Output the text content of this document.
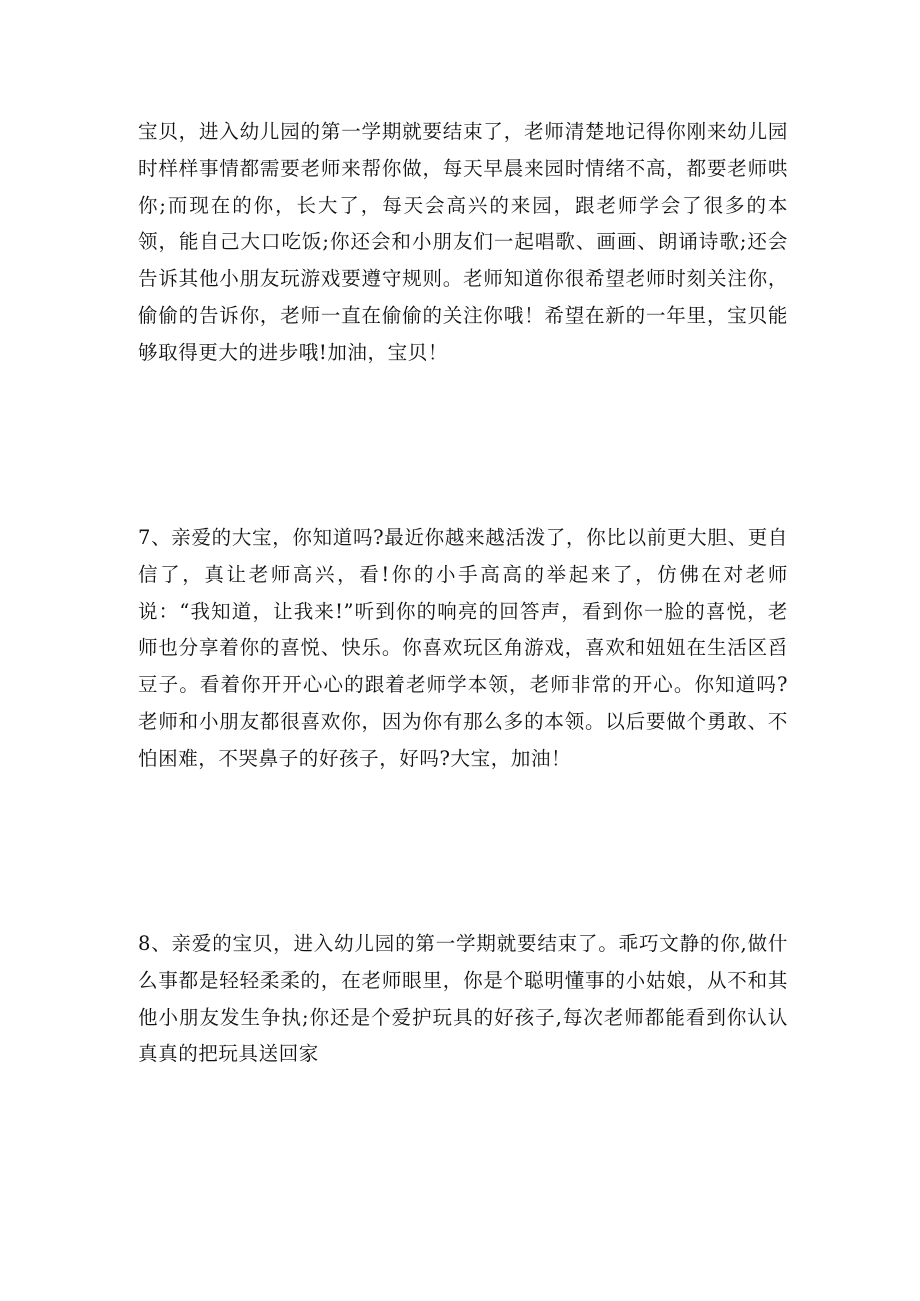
宝贝，进入幼儿园的第一学期就要结束了，老师清楚地记得你刚来幼儿园时样样事情都需要老师来帮你做，每天早晨来园时情绪不高，都要老师哄你;而现在的你，长大了，每天会高兴的来园，跟老师学会了很多的本领，能自己大口吃饭;你还会和小朋友们一起唱歌、画画、朗诵诗歌;还会告诉其他小朋友玩游戏要遵守规则。老师知道你很希望老师时刻关注你，偷偷的告诉你，老师一直在偷偷的关注你哦！希望在新的一年里，宝贝能够取得更大的进步哦!加油，宝贝！

7、亲爱的大宝，你知道吗?最近你越来越活泼了，你比以前更大胆、更自信了，真让老师高兴，看!你的小手高高的举起来了，仿佛在对老师说：“我知道，让我来!”听到你的响亮的回答声，看到你一脸的喜悦，老师也分享着你的喜悦、快乐。你喜欢玩区角游戏，喜欢和妞妞在生活区舀豆子。看着你开开心心的跟着老师学本领，老师非常的开心。你知道吗?老师和小朋友都很喜欢你，因为你有那么多的本领。以后要做个勇敢、不怕困难，不哭鼻子的好孩子，好吗?大宝，加油！

8、亲爱的宝贝，进入幼儿园的第一学期就要结束了。乖巧文静的你,做什么事都是轻轻柔柔的，在老师眼里，你是个聪明懂事的小姑娘，从不和其他小朋友发生争执;你还是个爱护玩具的好孩子,每次老师都能看到你认认真真的把玩具送回家
